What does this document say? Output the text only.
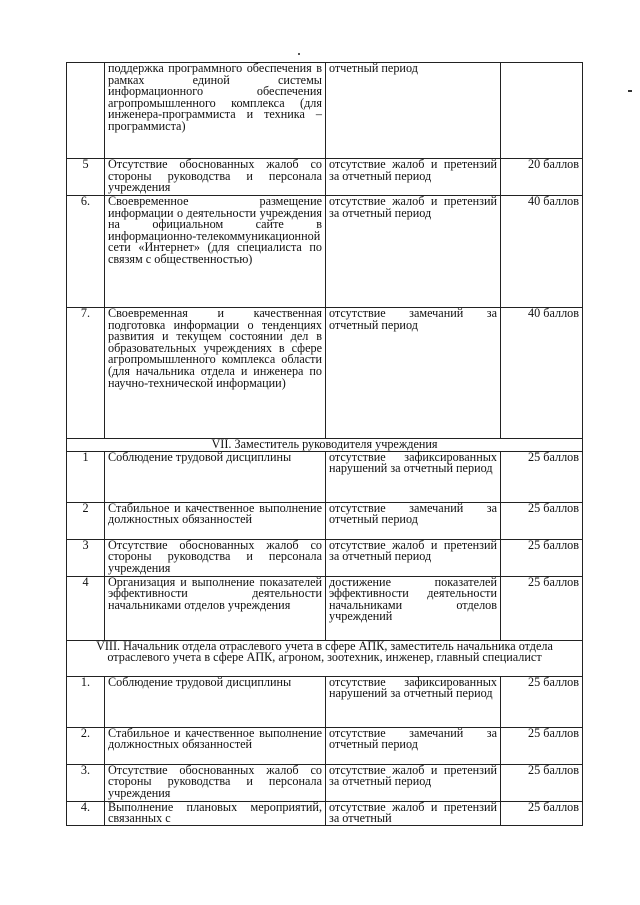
	поддержка программного обеспечения в рамках единой системы информационного обеспечения агропромышленного комплекса (для инженера-программиста и техника – программиста)	отчетный период	
5	Отсутствие обоснованных жалоб со стороны руководства и персонала учреждения	отсутствие жалоб и претензий за отчетный период	20 баллов
6.	Своевременное размещение информации о деятельности учреждения на официальном сайте в информационно-телекоммуникационной сети «Интернет» (для специалиста по связям с общественностью)	отсутствие жалоб и претензий за отчетный период	40 баллов
7.	Своевременная и качественная подготовка информации о тенденциях развития и текущем состоянии дел в образовательных учреждениях в сфере агропромышленного комплекса области (для начальника отдела и инженера по научно-технической информации)	отсутствие замечаний за отчетный период	40 баллов
VII. Заместитель руководителя учреждения			
1	Соблюдение трудовой дисциплины	отсутствие зафиксированных нарушений за отчетный период	25 баллов
2	Стабильное и качественное выполнение должностных обязанностей	отсутствие замечаний за отчетный период	25 баллов
3	Отсутствие обоснованных жалоб со стороны руководства и персонала учреждения	отсутствие жалоб и претензий за отчетный период	25 баллов
4	Организация и выполнение показателей эффективности деятельности начальниками отделов учреждения	достижение показателей эффективности деятельности начальниками отделов учреждений	25 баллов
VIII. Начальник отдела отраслевого учета в сфере АПК, заместитель начальника отдела отраслевого учета в сфере АПК, агроном, зоотехник, инженер, главный специалист			
1.	Соблюдение трудовой дисциплины	отсутствие зафиксированных нарушений за отчетный период	25 баллов
2.	Стабильное и качественное выполнение должностных обязанностей	отсутствие замечаний за отчетный период	25 баллов
3.	Отсутствие обоснованных жалоб со стороны руководства и персонала учреждения	отсутствие жалоб и претензий за отчетный период	25 баллов
4.	Выполнение плановых мероприятий, связанных с	отсутствие жалоб и претензий за отчетный	25 баллов
